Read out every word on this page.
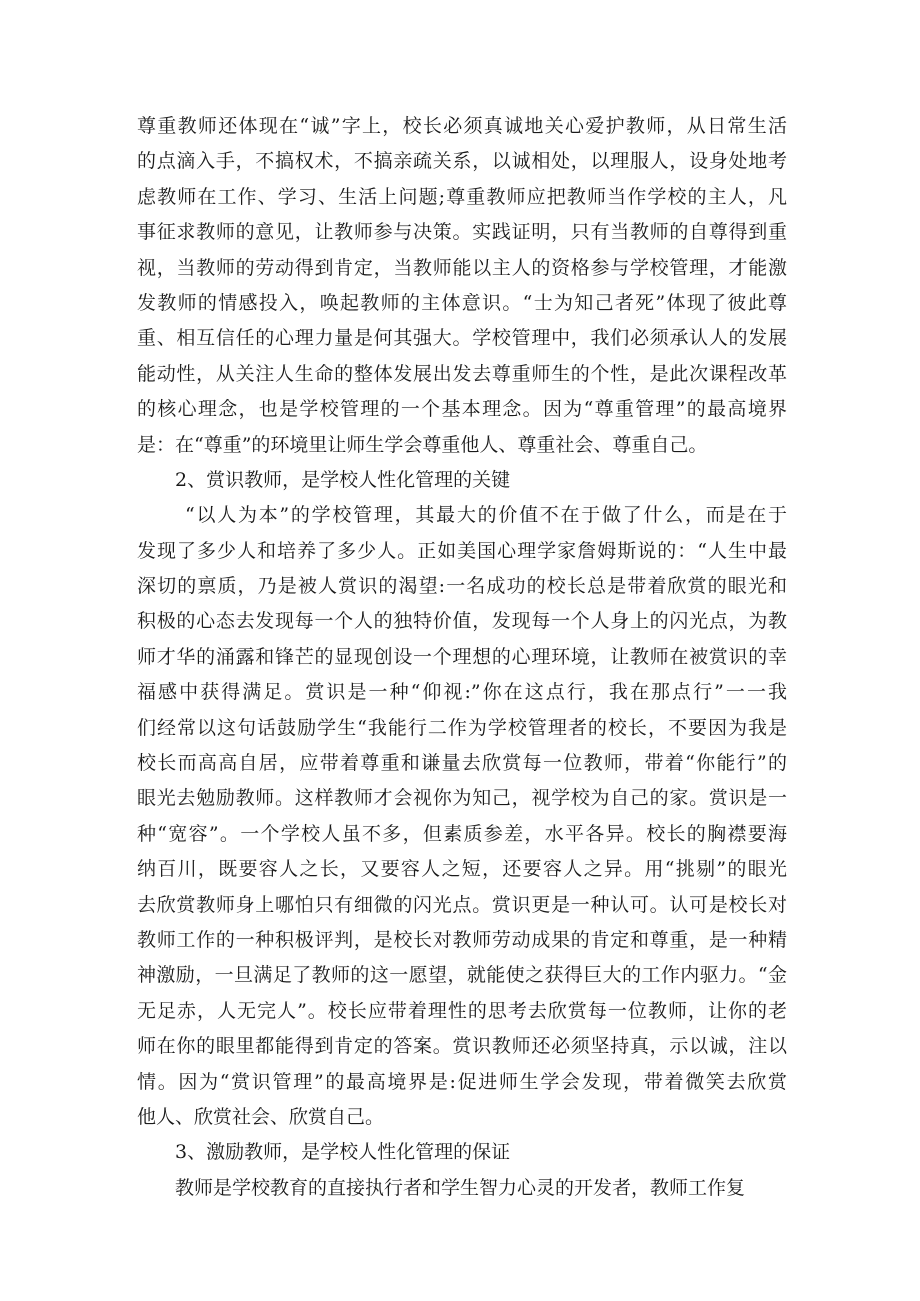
尊重教师还体现在“诚”字上，校长必须真诚地关心爱护教师，从日常生活
的点滴入手，不搞权术，不搞亲疏关系，以诚相处，以理服人，设身处地考
虑教师在工作、学习、生活上问题;尊重教师应把教师当作学校的主人，凡
事征求教师的意见，让教师参与决策。实践证明，只有当教师的自尊得到重
视，当教师的劳动得到肯定，当教师能以主人的资格参与学校管理，才能激
发教师的情感投入，唤起教师的主体意识。“士为知己者死”体现了彼此尊
重、相互信任的心理力量是何其强大。学校管理中，我们必须承认人的发展
能动性，从关注人生命的整体发展出发去尊重师生的个性，是此次课程改革
的核心理念，也是学校管理的一个基本理念。因为“尊重管理”的最高境界
是：在“尊重”的环境里让师生学会尊重他人、尊重社会、尊重自己。
2、赏识教师，是学校人性化管理的关键
“以人为本”的学校管理，其最大的价值不在于做了什么，而是在于
发现了多少人和培养了多少人。正如美国心理学家詹姆斯说的：“人生中最
深切的禀质，乃是被人赏识的渴望:一名成功的校长总是带着欣赏的眼光和
积极的心态去发现每一个人的独特价值，发现每一个人身上的闪光点，为教
师才华的涌露和锋芒的显现创设一个理想的心理环境，让教师在被赏识的幸
福感中获得满足。赏识是一种“仰视:”你在这点行，我在那点行”一一我
们经常以这句话鼓励学生“我能行二作为学校管理者的校长，不要因为我是
校长而高高自居，应带着尊重和谦量去欣赏每一位教师，带着“你能行”的
眼光去勉励教师。这样教师才会视你为知己，视学校为自己的家。赏识是一
种“宽容”。一个学校人虽不多，但素质参差，水平各异。校长的胸襟要海
纳百川，既要容人之长，又要容人之短，还要容人之异。用“挑剔”的眼光
去欣赏教师身上哪怕只有细微的闪光点。赏识更是一种认可。认可是校长对
教师工作的一种积极评判，是校长对教师劳动成果的肯定和尊重，是一种精
神激励，一旦满足了教师的这一愿望，就能使之获得巨大的工作内驱力。“金
无足赤，人无完人”。校长应带着理性的思考去欣赏每一位教师，让你的老
师在你的眼里都能得到肯定的答案。赏识教师还必须坚持真，示以诚，注以
情。因为“赏识管理”的最高境界是:促进师生学会发现，带着微笑去欣赏
他人、欣赏社会、欣赏自己。
3、激励教师，是学校人性化管理的保证
教师是学校教育的直接执行者和学生智力心灵的开发者，教师工作复
